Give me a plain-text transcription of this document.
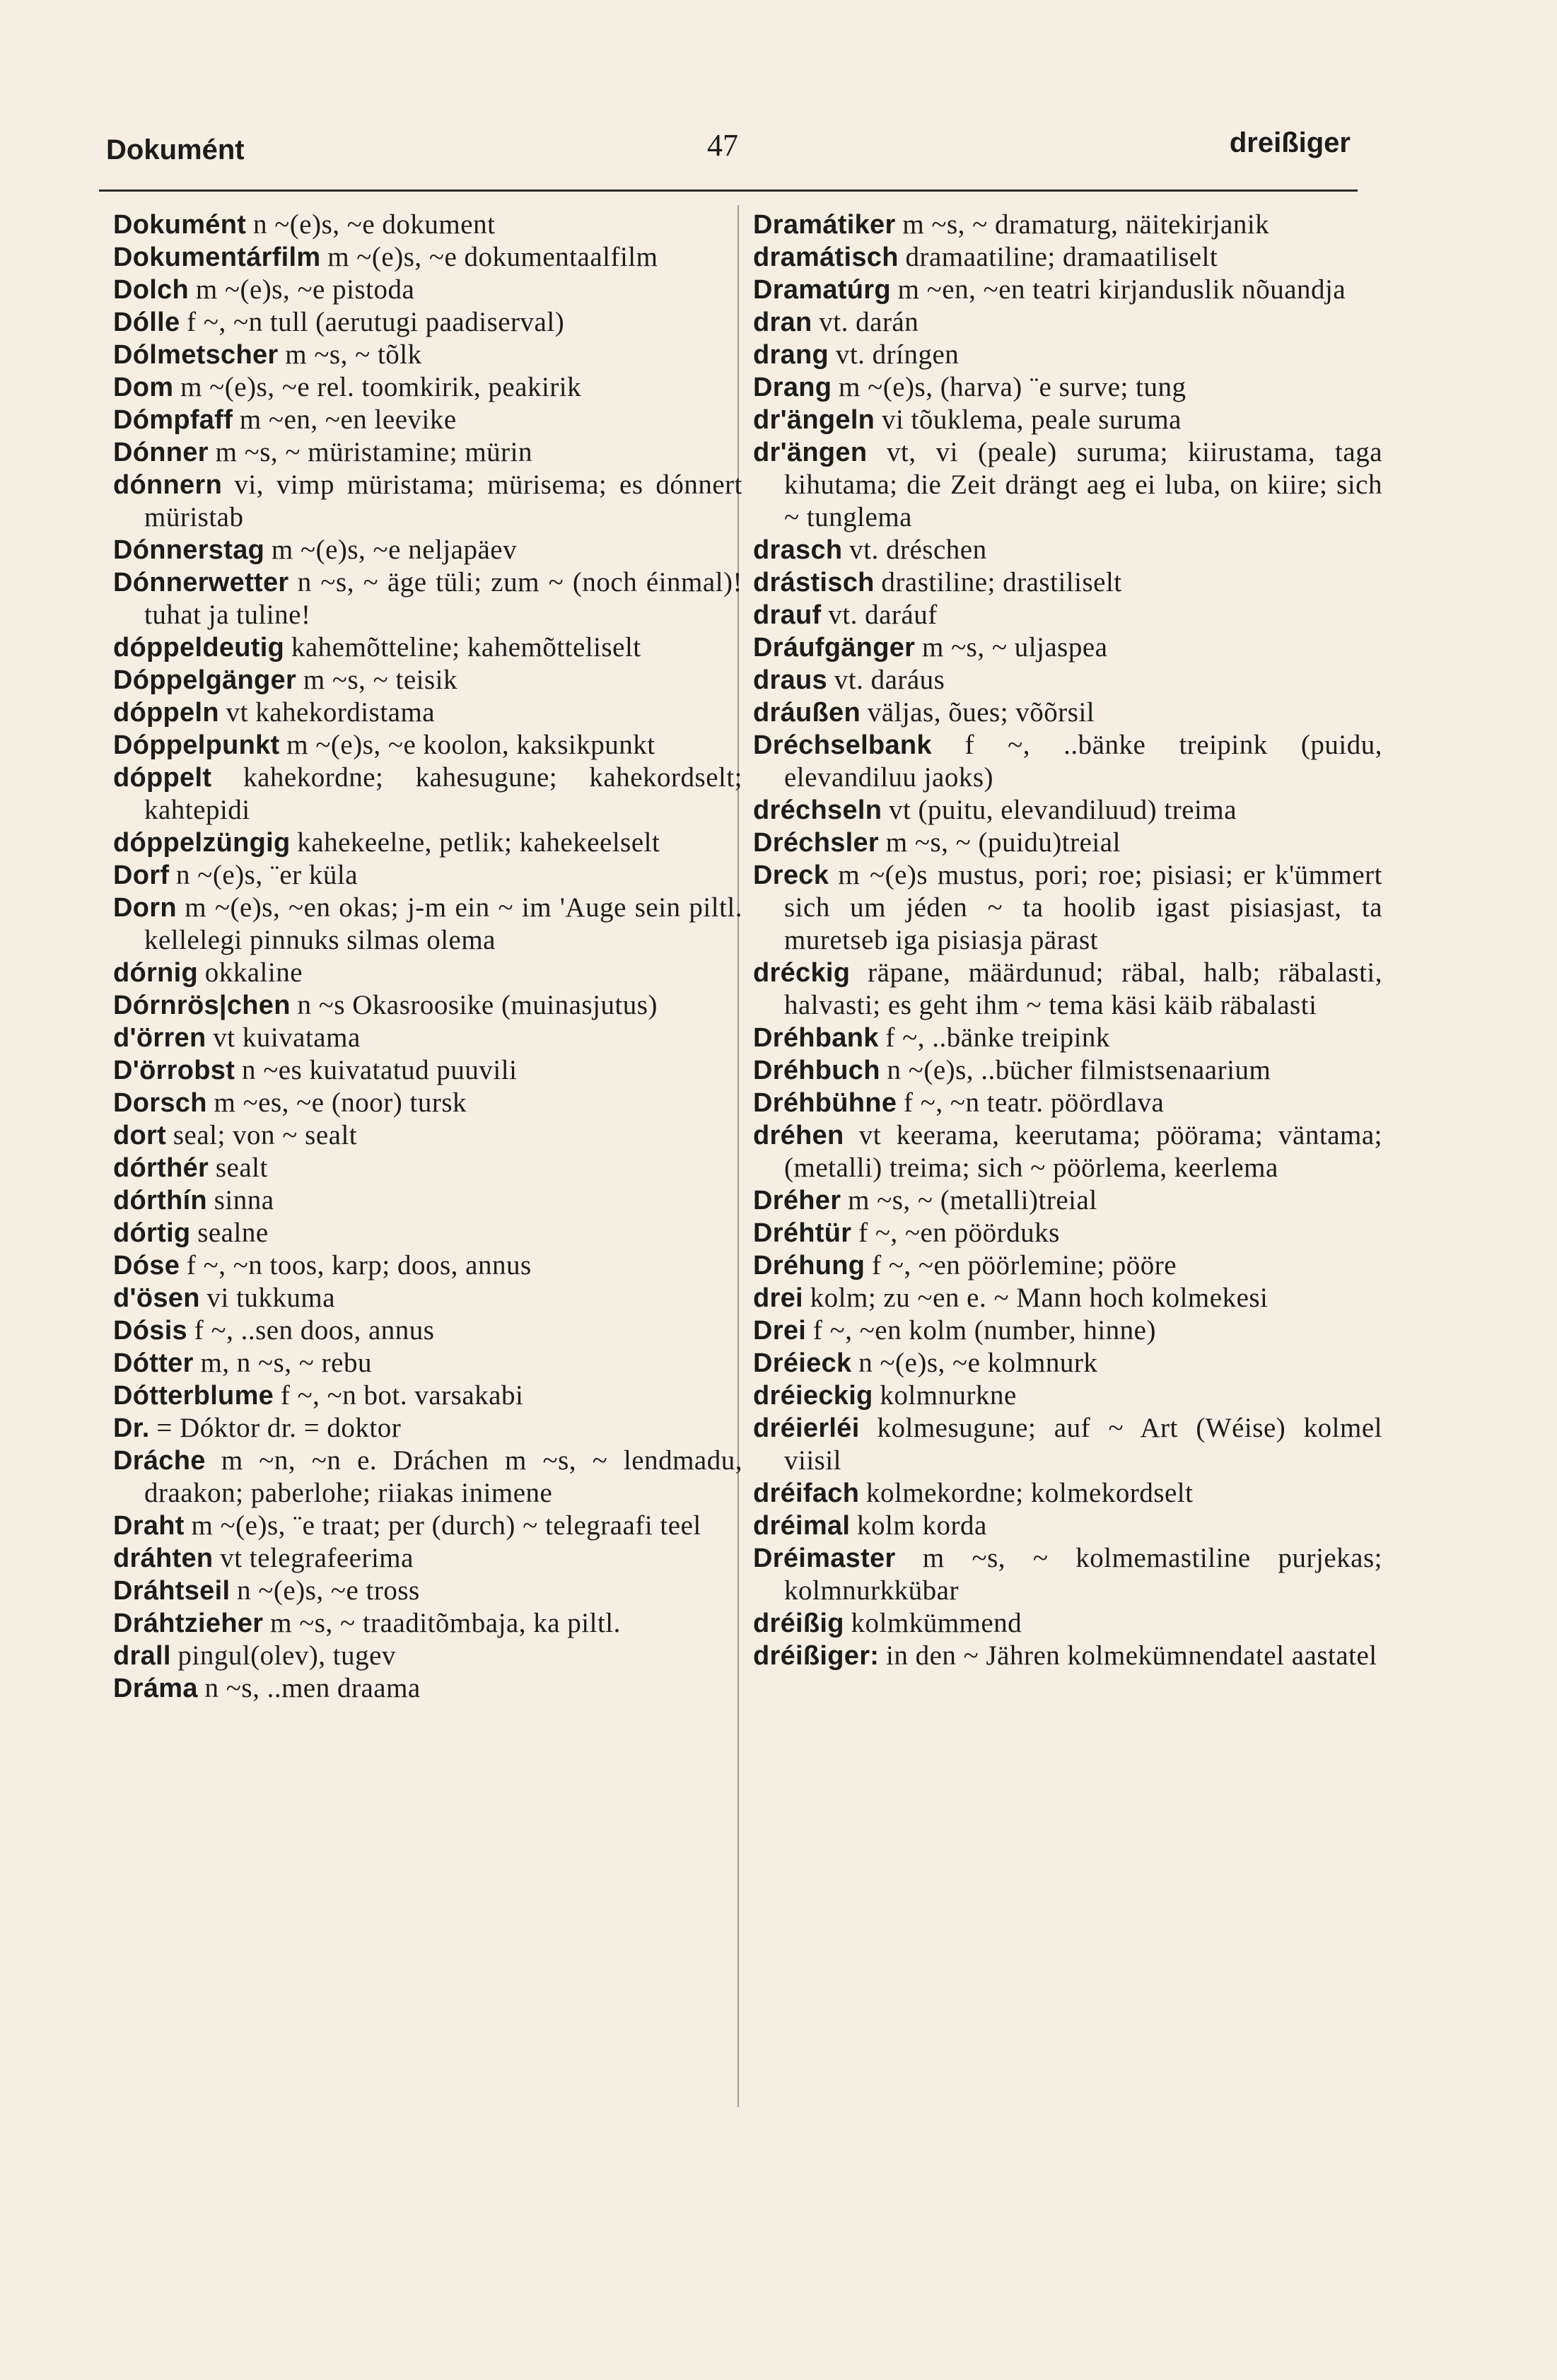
Dokumént	47	dreißiger

Dokumént n ~(e)s, ~e dokument

Dokumentárfilm m ~(e)s, ~e dokumentaalfilm

Dolch m ~(e)s, ~e pistoda

Dólle f ~, ~n tull (aerutugi paadiserval)

Dólmetscher m ~s, ~ tõlk

Dom m ~(e)s, ~e rel. toomkirik, peakirik

Dómpfaff m ~en, ~en leevike

Dónner m ~s, ~ müristamine; mürin

dónnern vi, vimp müristama; mürisema; es dónnert müristab

Dónnerstag m ~(e)s, ~e neljapäev

Dónnerwetter n ~s, ~ äge tüli; zum ~ (noch éinmal)! tuhat ja tuline!

dóppeldeutig kahemõtteline; kahemõtteliselt

Dóppelgänger m ~s, ~ teisik

dóppeln vt kahekordistama

Dóppelpunkt m ~(e)s, ~e koolon, kaksikpunkt

dóppelt kahekordne; kahesugune; kahekordselt; kahtepidi

dóppelzüngig kahekeelne, petlik; kahekeelselt

Dorf n ~(e)s, ¨er küla

Dorn m ~(e)s, ~en okas; j-m ein ~ im 'Auge sein piltl. kellelegi pinnuks silmas olema

dórnig okkaline

Dórnrös|chen n ~s Okasroosike (muinasjutus)

d'örren vt kuivatama

D'örrobst n ~es kuivatatud puuvili

Dorsch m ~es, ~e (noor) tursk

dort seal; von ~ sealt

dórthér sealt

dórthín sinna

dórtig sealne

Dóse f ~, ~n toos, karp; doos, annus

d'ösen vi tukkuma

Dósis f ~, ..sen doos, annus

Dótter m, n ~s, ~ rebu

Dótterblume f ~, ~n bot. varsakabi

Dr. = Dóktor dr. = doktor

Dráche m ~n, ~n e. Dráchen m ~s, ~ lendmadu, draakon; paberlohe; riiakas inimene

Draht m ~(e)s, ¨e traat; per (durch) ~ telegraafi teel

dráhten vt telegrafeerima

Dráhtseil n ~(e)s, ~e tross

Dráhtzieher m ~s, ~ traaditõmbaja, ka piltl.

drall pingul(olev), tugev

Dráma n ~s, ..men draama

Dramátiker m ~s, ~ dramaturg, näitekirjanik

dramátisch dramaatiline; dramaatiliselt

Dramatúrg m ~en, ~en teatri kirjanduslik nõuandja

dran vt. darán

drang vt. dríngen

Drang m ~(e)s, (harva) ¨e surve; tung

dr'ängeln vi tõuklema, peale suruma

dr'ängen vt, vi (peale) suruma; kiirustama, taga kihutama; die Zeit drängt aeg ei luba, on kiire; sich ~ tunglema

drasch vt. dréschen

drástisch drastiline; drastiliselt

drauf vt. daráuf

Dráufgänger m ~s, ~ uljaspea

draus vt. daráus

dráußen väljas, õues; võõrsil

Dréchselbank f ~, ..bänke treipink (puidu, elevandiluu jaoks)

dréchseln vt (puitu, elevandiluud) treima

Dréchsler m ~s, ~ (puidu)treial

Dreck m ~(e)s mustus, pori; roe; pisiasi; er k'ümmert sich um jéden ~ ta hoolib igast pisiasjast, ta muretseb iga pisiasja pärast

dréckig räpane, määrdunud; räbal, halb; räbalasti, halvasti; es geht ihm ~ tema käsi käib räbalasti

Dréhbank f ~, ..bänke treipink

Dréhbuch n ~(e)s, ..bücher filmistsenaarium

Dréhbühne f ~, ~n teatr. pöördlava

dréhen vt keerama, keerutama; pöörama; väntama; (metalli) treima; sich ~ pöörlema, keerlema

Dréher m ~s, ~ (metalli)treial

Dréhtür f ~, ~en pöörduks

Dréhung f ~, ~en pöörlemine; pööre

drei kolm; zu ~en e. ~ Mann hoch kolmekesi

Drei f ~, ~en kolm (number, hinne)

Dréieck n ~(e)s, ~e kolmnurk

dréieckig kolmnurkne

dréierléi kolmesugune; auf ~ Art (Wéise) kolmel viisil

dréifach kolmekordne; kolmekordselt

dréimal kolm korda

Dréimaster m ~s, ~ kolmemastiline purjekas; kolmnurkkübar

dréißig kolmkümmend

dréißiger: in den ~ Jähren kolmekümnendatel aastatel
